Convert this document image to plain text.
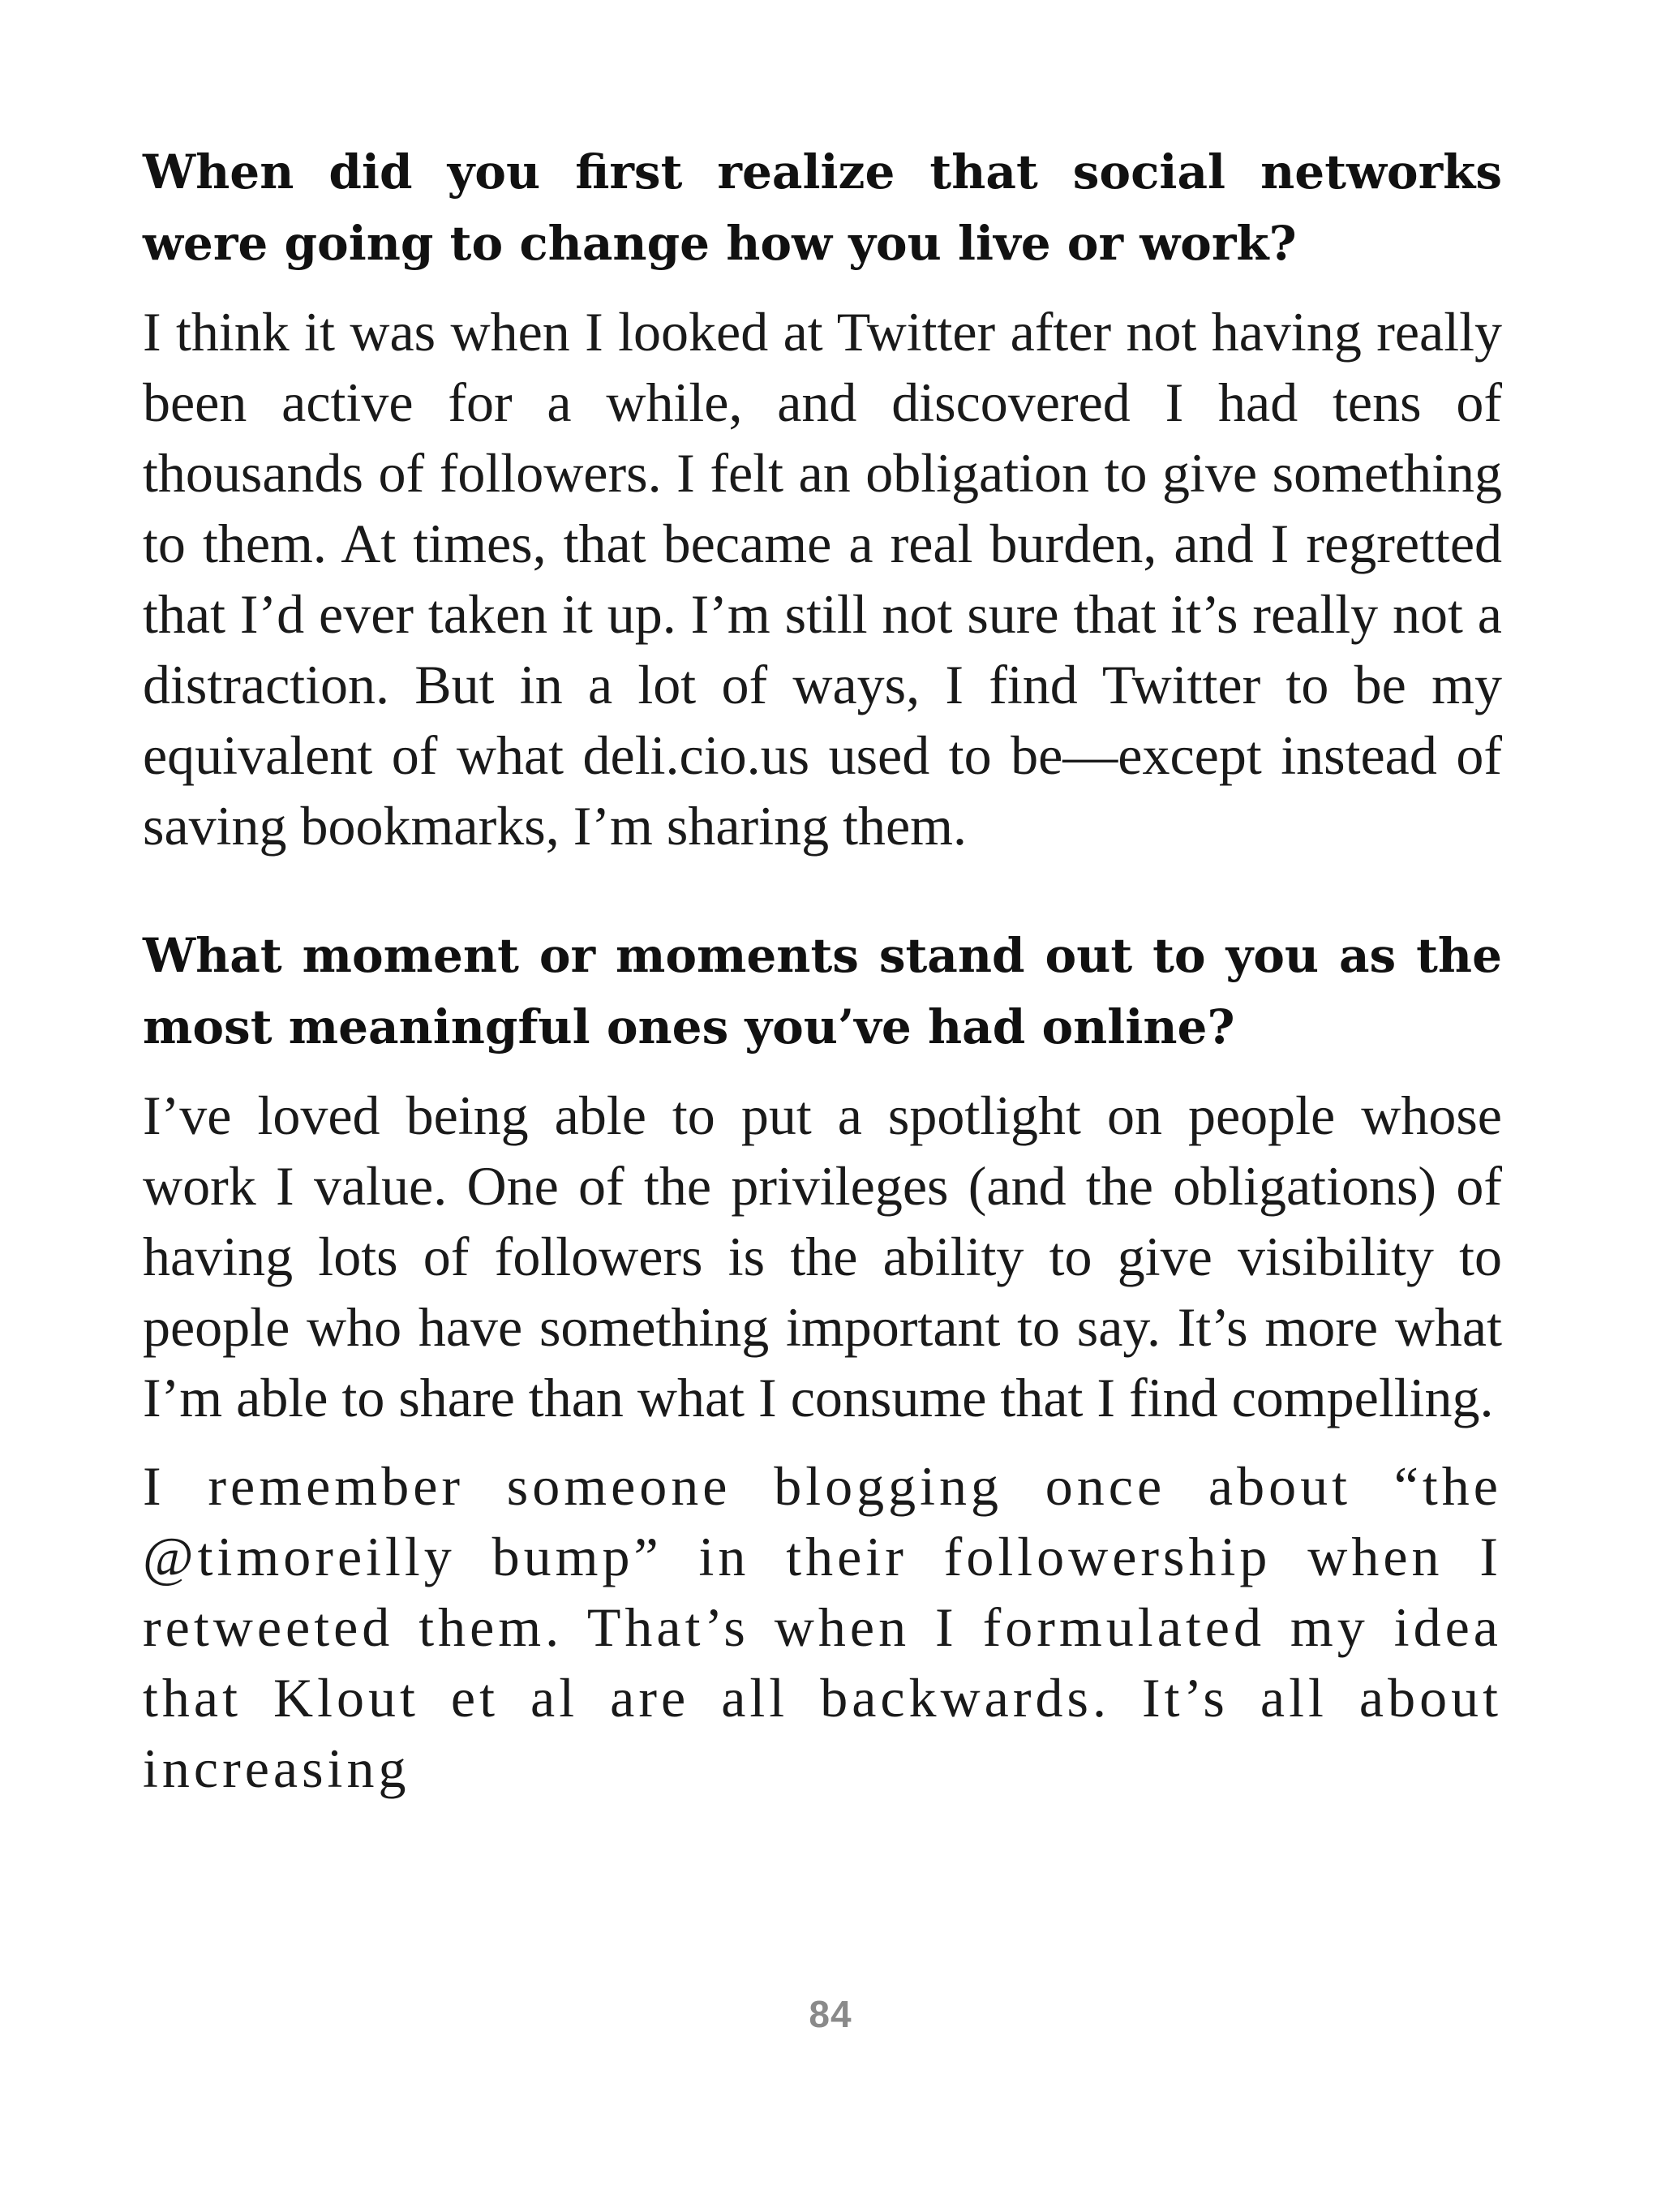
When did you first realize that social networks were going to change how you live or work?

I think it was when I looked at Twitter after not having really been active for a while, and discovered I had tens of thousands of followers. I felt an obligation to give something to them. At times, that became a real burden, and I regretted that I’d ever taken it up. I’m still not sure that it’s really not a distraction. But in a lot of ways, I find Twitter to be my equivalent of what deli.cio.us used to be—except instead of saving bookmarks, I’m sharing them.

What moment or moments stand out to you as the most meaningful ones you’ve had online?

I’ve loved being able to put a spotlight on people whose work I value. One of the privileges (and the obligations) of having lots of followers is the ability to give visibility to people who have something important to say. It’s more what I’m able to share than what I consume that I find compelling.

I remember someone blogging once about “the @timoreilly bump” in their followership when I retweeted them. That’s when I formulated my idea that Klout et al are all backwards. It’s all about increasing

84
